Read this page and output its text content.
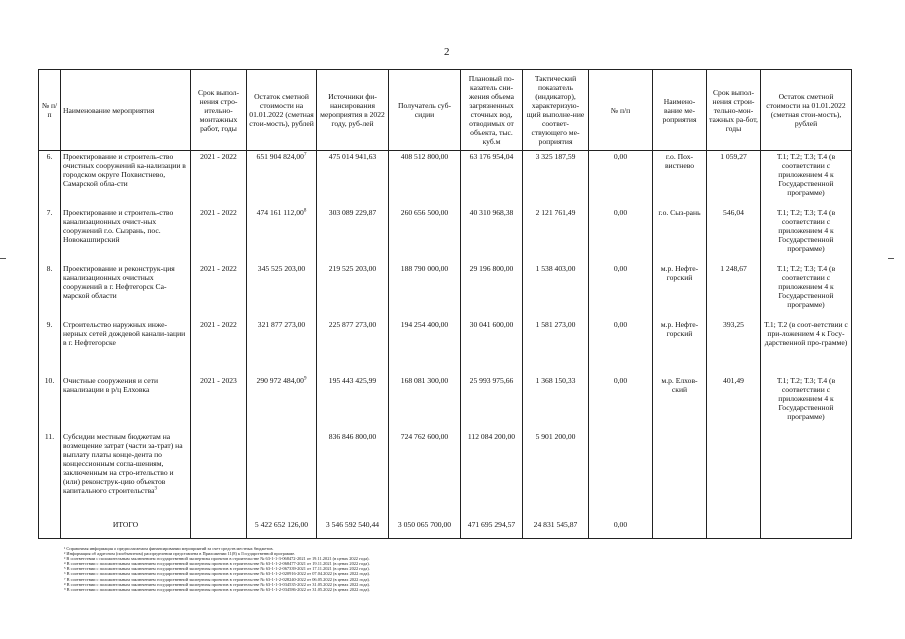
2
№ п/п	Наименование мероприятия	Срок выпол-нения стро-ительно-монтажных работ, годы	Остаток сметной стоимости на 01.01.2022 (сметная стои-мость), рублей	Источники фи-нансирования мероприятия в 2022 году, руб-лей	Получатель суб-сидии	Плановый по-казатель сни-жения объема загрязненных сточных вод, отводимых от объекта, тыс. куб.м	Тактический показатель (индикатор), характеризую-щий выполне-ние соответ-ствующего ме-роприятия	№ п/п	Наимено-вание ме-роприятия	Срок выпол-нения строи-тельно-мон-тажных ра-бот, годы	Остаток сметной стоимости на 01.01.2022 (сметная стои-мость), рублей
6.	Проектирование и строитель-ство очистных сооружений ка-нализации в городском округе Похвистнево, Самарской обла-сти	2021 - 2022	651 904 824,00$^7$	475 014 941,63	408 512 800,00	63 176 954,04	3 325 187,59	0,00	г.о. Пох-вистнево	1 059,27	Т.1; Т.2; Т.3; Т.4 (в соответствии с приложением 4 к Государственной программе)
7.	Проектирование и строитель-ство канализационных очист-ных сооружений г.о. Сызрань, пос. Новокашпирский	2021 - 2022	474 161 112,00$^8$	303 089 229,87	260 656 500,00	40 310 968,38	2 121 761,49	0,00	г.о. Сыз-рань	546,04	Т.1; Т.2; Т.3; Т.4 (в соответствии с приложением 4 к Государственной программе)
8.	Проектирование и реконструк-ция канализационных очистных сооружений в г. Нефтегорск Са-марской области	2021 - 2022	345 525 203,00	219 525 203,00	188 790 000,00	29 196 800,00	1 538 403,00	0,00	м.р. Нефте-горский	1 248,67	Т.1; Т.2; Т.3; Т.4 (в соответствии с приложением 4 к Государственной программе)
9.	Строительство наружных инже-нерных сетей дождевой канали-зации в г. Нефтегорске	2021 - 2022	321 877 273,00	225 877 273,00	194 254 400,00	30 041 600,00	1 581 273,00	0,00	м.р. Нефте-горский	393,25	Т.1; Т.2 (в соот-ветствии с при-ложением 4 к Госу-дарственной про-грамме)
10.	Очистные сооружения и сети канализации в р/ц Елховка	2021 - 2023	290 972 484,00$^9$	195 443 425,99	168 081 300,00	25 993 975,66	1 368 150,33	0,00	м.р. Елхов-ский	401,49	Т.1; Т.2; Т.3; Т.4 (в соответствии с приложением 4 к Государственной программе)
11.	Субсидии местным бюджетам на возмещение затрат (части за-трат) на выплату платы конце-дента по концессионным согла-шениям, заключенным на стро-ительство и (или) реконструк-цию объектов капитального строительства$^3$			836 846 800,00	724 762 600,00	112 084 200,00	5 901 200,00				
	ИТОГО		5 422 652 126,00	3 546 592 540,44	3 050 065 700,00	471 695 294,57	24 831 545,87	0,00			
¹ Справочная информация о предполагаемом финансировании мероприятий за счет средств местных бюджетов.
² Информация об адресном (пообъектном) распределении представлена в Приложении 11(8) к Государственной программе.
³ В соответствии с положительным заключением государственной экспертизы проектов в строительстве № 63-1-1-3-068472-2021 от 19.11.2021 (в ценах 2022 года).
⁴ В соответствии с положительным заключением государственной экспертизы проектов в строительстве № 63-1-1-2-068477-2021 от 19.11.2021 (в ценах 2022 года).
⁵ В соответствии с положительным заключением государственной экспертизы проектов в строительстве № 63-1-1-2-067339-2021 от 17.11.2021 (в ценах 2022 года).
⁶ В соответствии с положительным заключением государственной экспертизы проектов в строительстве № 63-1-1-2-020916-2022 от 07.04.2022 (в ценах 2022 года).
⁷ В соответствии с положительным заключением государственной экспертизы проектов в строительстве № 63-1-1-2-028240-2022 от 06.05.2022 (в ценах 2022 года).
⁸ В соответствии с положительным заключением государственной экспертизы проектов в строительстве № 63-1-1-3-034535-2022 от 31.05.2022 (в ценах 2022 года).
⁹ В соответствии с положительным заключением государственной экспертизы проектов в строительстве № 63-1-1-2-034586-2022 от 31.05.2022 (в ценах 2022 года).
